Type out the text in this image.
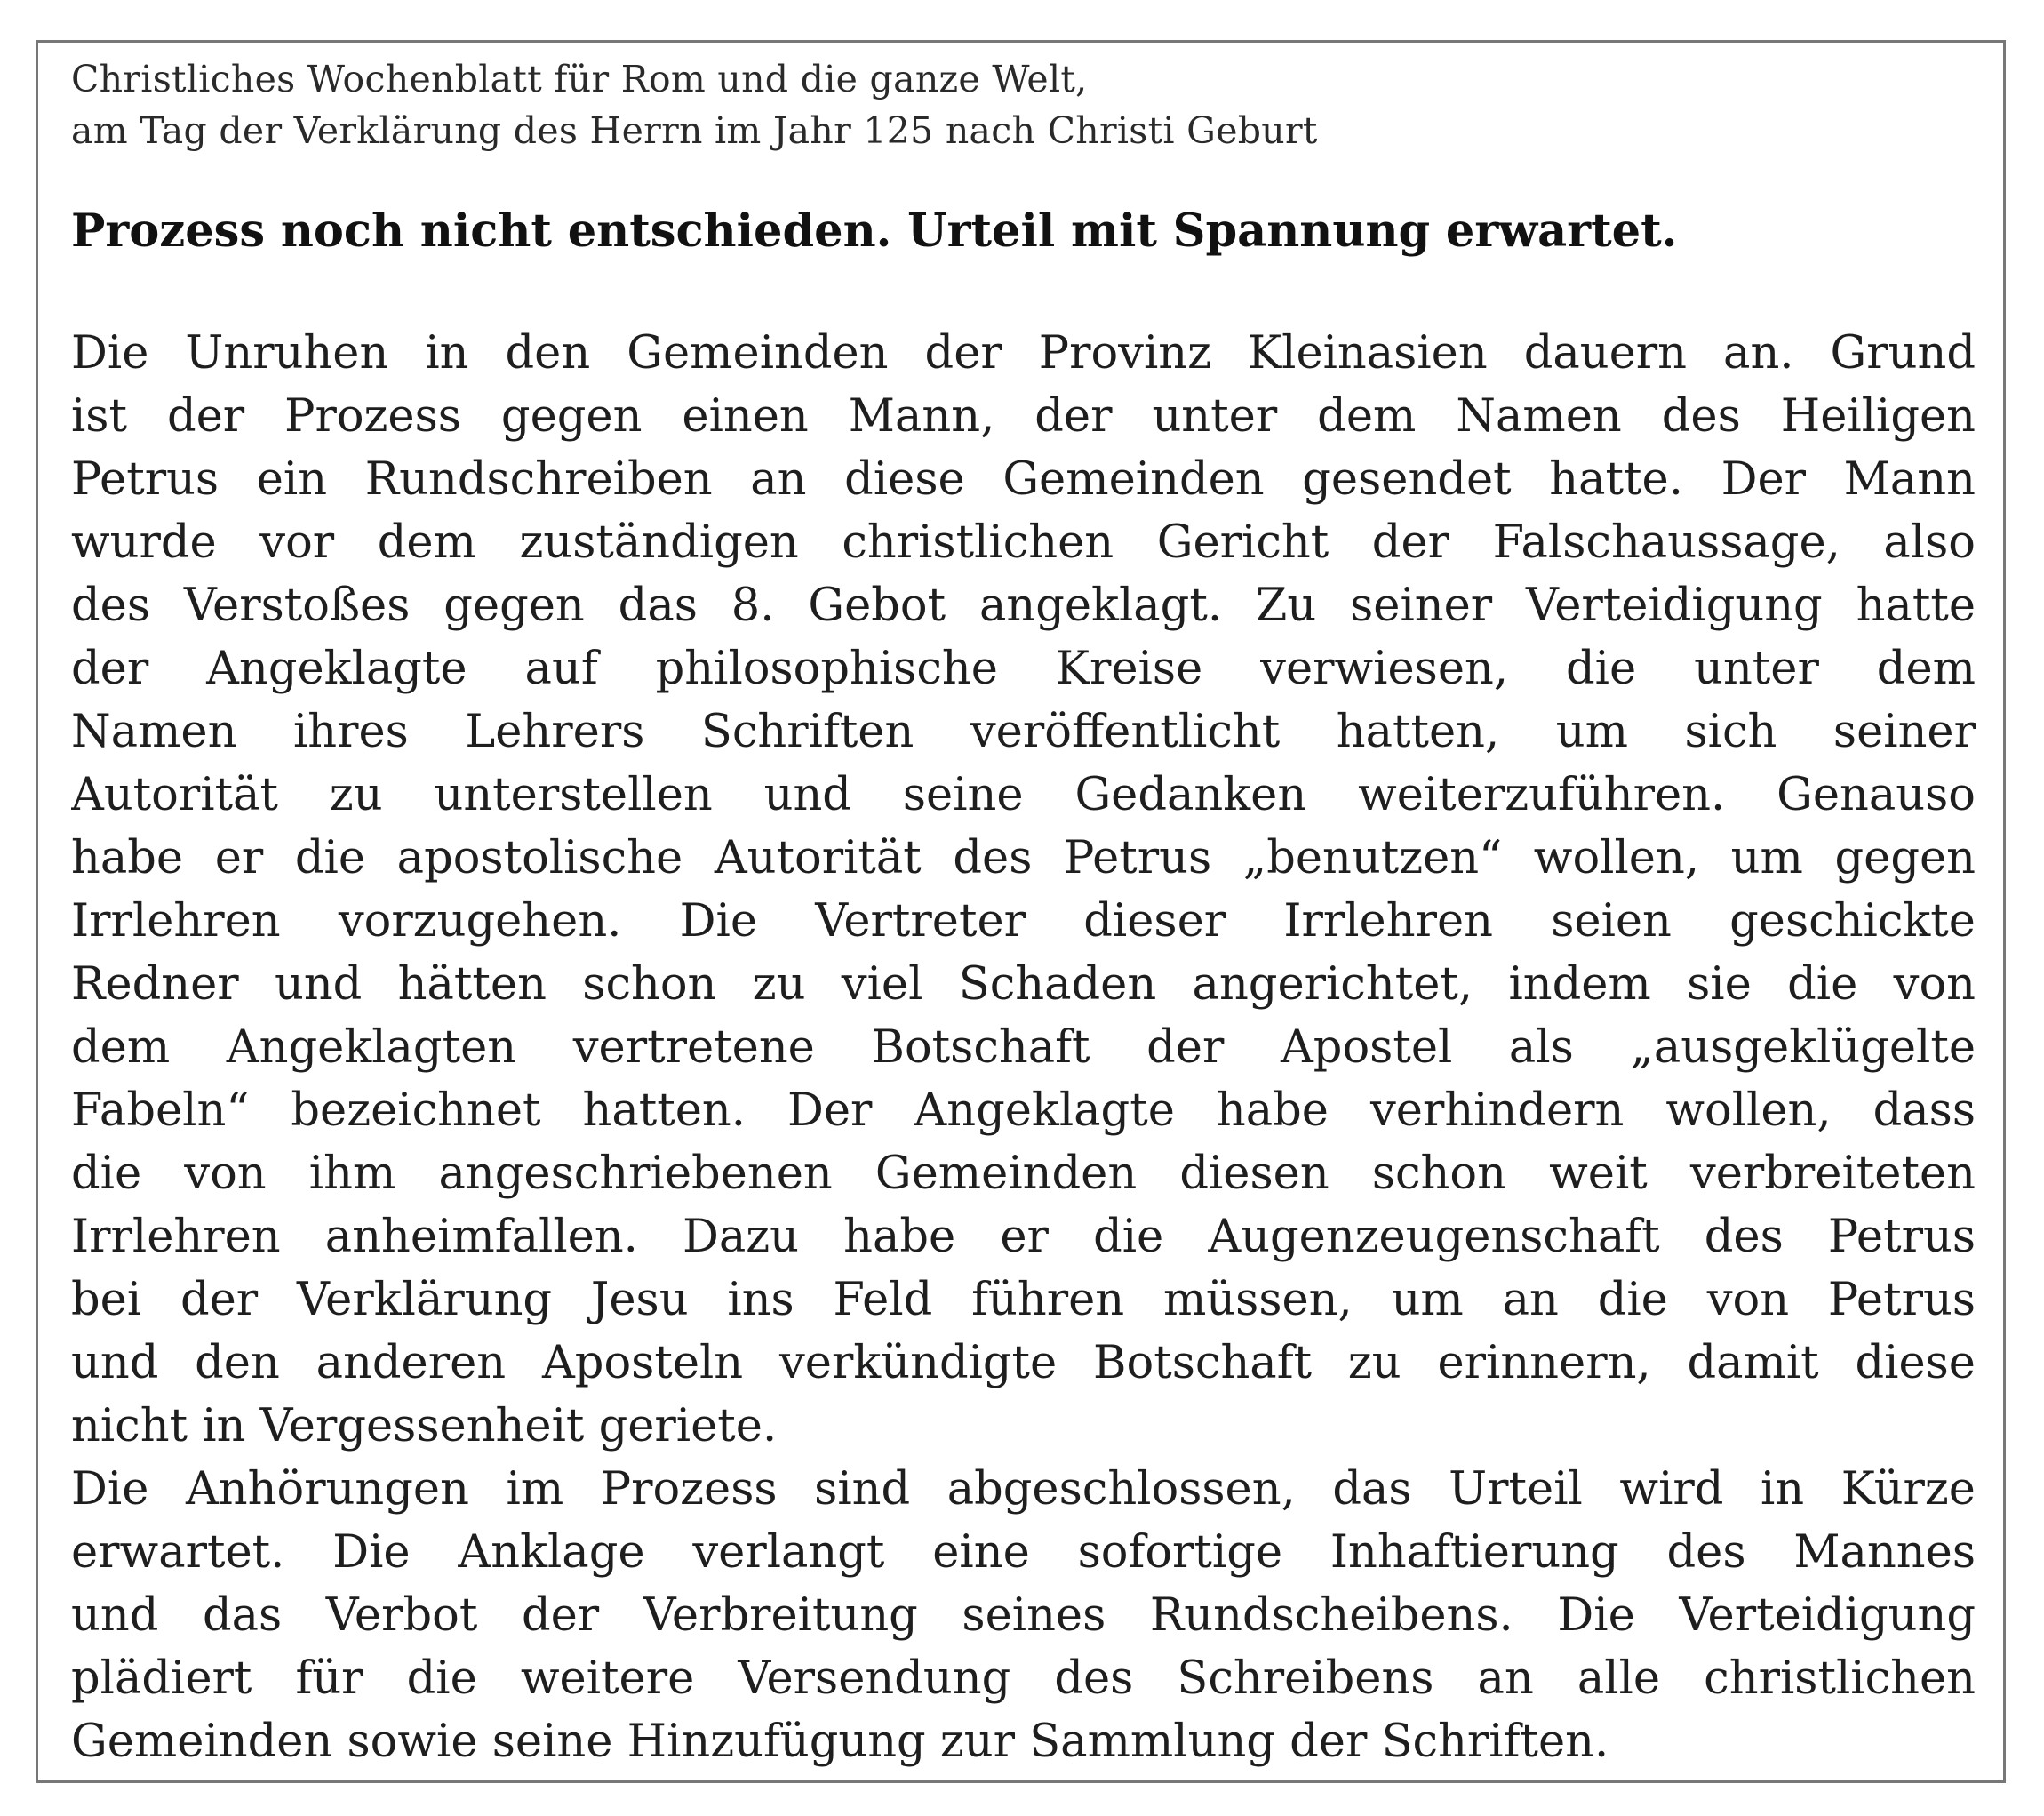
Christliches Wochenblatt für Rom und die ganze Welt,
am Tag der Verklärung des Herrn im Jahr 125 nach Christi Geburt
Prozess noch nicht entschieden. Urteil mit Spannung erwartet.
Die Unruhen in den Gemeinden der Provinz Kleinasien dauern an. Grund
ist der Prozess gegen einen Mann, der unter dem Namen des Heiligen
Petrus ein Rundschreiben an diese Gemeinden gesendet hatte. Der Mann
wurde vor dem zuständigen christlichen Gericht der Falschaussage, also
des Verstoßes gegen das 8. Gebot angeklagt. Zu seiner Verteidigung hatte
der Angeklagte auf philosophische Kreise verwiesen, die unter dem
Namen ihres Lehrers Schriften veröffentlicht hatten, um sich seiner
Autorität zu unterstellen und seine Gedanken weiterzuführen. Genauso
habe er die apostolische Autorität des Petrus „benutzen“ wollen, um gegen
Irrlehren vorzugehen. Die Vertreter dieser Irrlehren seien geschickte
Redner und hätten schon zu viel Schaden angerichtet, indem sie die von
dem Angeklagten vertretene Botschaft der Apostel als „ausgeklügelte
Fabeln“ bezeichnet hatten. Der Angeklagte habe verhindern wollen, dass
die von ihm angeschriebenen Gemeinden diesen schon weit verbreiteten
Irrlehren anheimfallen. Dazu habe er die Augenzeugenschaft des Petrus
bei der Verklärung Jesu ins Feld führen müssen, um an die von Petrus
und den anderen Aposteln verkündigte Botschaft zu erinnern, damit diese
nicht in Vergessenheit geriete.
Die Anhörungen im Prozess sind abgeschlossen, das Urteil wird in Kürze
erwartet. Die Anklage verlangt eine sofortige Inhaftierung des Mannes
und das Verbot der Verbreitung seines Rundscheibens. Die Verteidigung
plädiert für die weitere Versendung des Schreibens an alle christlichen
Gemeinden sowie seine Hinzufügung zur Sammlung der Schriften.
